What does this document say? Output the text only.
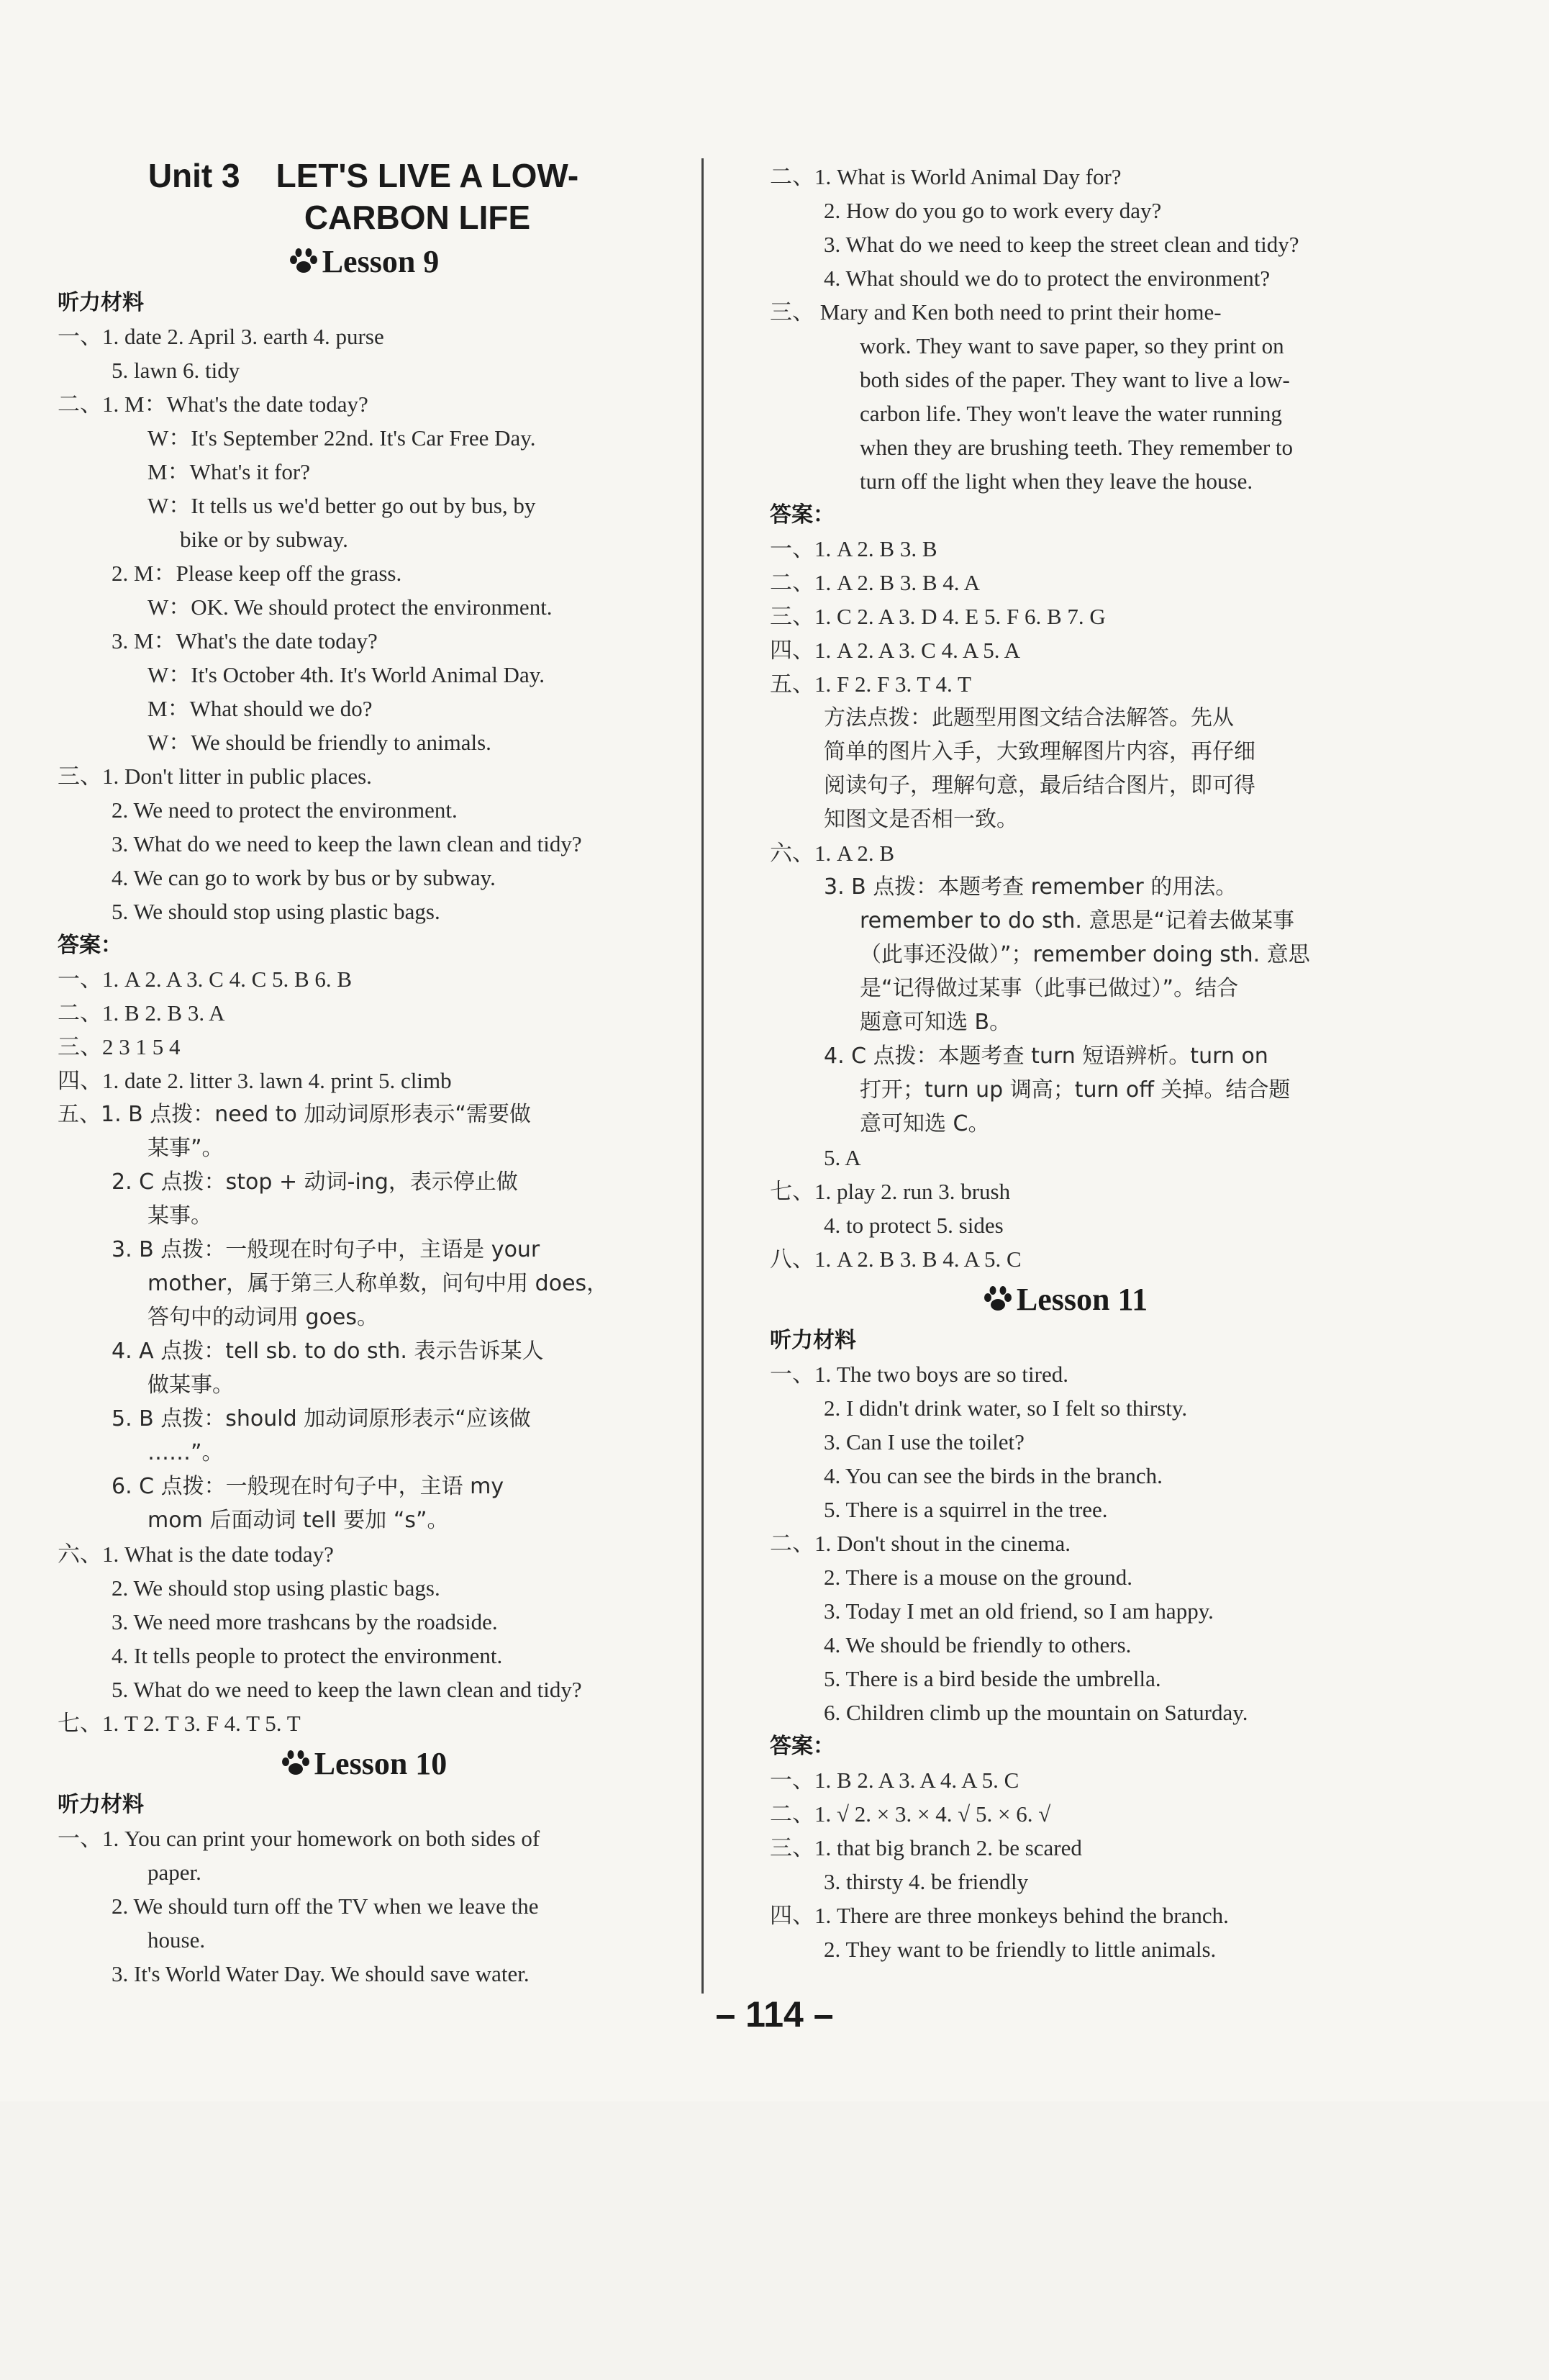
Unit 3 LET'S LIVE A LOW-
CARBON LIFE
Lesson 9
听力材料
一、1. date 2. April 3. earth 4. purse
5. lawn 6. tidy
二、1. M：What's the date today?
W：It's September 22nd. It's Car Free Day.
M：What's it for?
W：It tells us we'd better go out by bus, by
bike or by subway.
2. M：Please keep off the grass.
W：OK. We should protect the environment.
3. M：What's the date today?
W：It's October 4th. It's World Animal Day.
M：What should we do?
W：We should be friendly to animals.
三、1. Don't litter in public places.
2. We need to protect the environment.
3. What do we need to keep the lawn clean and tidy?
4. We can go to work by bus or by subway.
5. We should stop using plastic bags.
答案：
一、1. A 2. A 3. C 4. C 5. B 6. B
二、1. B 2. B 3. A
三、2 3 1 5 4
四、1. date 2. litter 3. lawn 4. print 5. climb
五、1. B 点拨：need to 加动词原形表示“需要做
某事”。
2. C 点拨：stop + 动词-ing，表示停止做
某事。
3. B 点拨：一般现在时句子中，主语是 your
mother，属于第三人称单数，问句中用 does，
答句中的动词用 goes。
4. A 点拨：tell sb. to do sth. 表示告诉某人
做某事。
5. B 点拨：should 加动词原形表示“应该做
……”。
6. C 点拨：一般现在时句子中，主语 my
mom 后面动词 tell 要加 “s”。
六、1. What is the date today?
2. We should stop using plastic bags.
3. We need more trashcans by the roadside.
4. It tells people to protect the environment.
5. What do we need to keep the lawn clean and tidy?
七、1. T 2. T 3. F 4. T 5. T
Lesson 10
听力材料
一、1. You can print your homework on both sides of
paper.
2. We should turn off the TV when we leave the
house.
3. It's World Water Day. We should save water.
二、1. What is World Animal Day for?
2. How do you go to work every day?
3. What do we need to keep the street clean and tidy?
4. What should we do to protect the environment?
三、 Mary and Ken both need to print their home-
work. They want to save paper, so they print on
both sides of the paper. They want to live a low-
carbon life. They won't leave the water running
when they are brushing teeth. They remember to
turn off the light when they leave the house.
答案：
一、1. A 2. B 3. B
二、1. A 2. B 3. B 4. A
三、1. C 2. A 3. D 4. E 5. F 6. B 7. G
四、1. A 2. A 3. C 4. A 5. A
五、1. F 2. F 3. T 4. T
方法点拨：此题型用图文结合法解答。先从
简单的图片入手，大致理解图片内容，再仔细
阅读句子，理解句意，最后结合图片，即可得
知图文是否相一致。
六、1. A 2. B
3. B 点拨：本题考查 remember 的用法。
remember to do sth. 意思是“记着去做某事
（此事还没做）”；remember doing sth. 意思
是“记得做过某事（此事已做过）”。结合
题意可知选 B。
4. C 点拨：本题考查 turn 短语辨析。turn on
打开；turn up 调高；turn off 关掉。结合题
意可知选 C。
5. A
七、1. play 2. run 3. brush
4. to protect 5. sides
八、1. A 2. B 3. B 4. A 5. C
Lesson 11
听力材料
一、1. The two boys are so tired.
2. I didn't drink water, so I felt so thirsty.
3. Can I use the toilet?
4. You can see the birds in the branch.
5. There is a squirrel in the tree.
二、1. Don't shout in the cinema.
2. There is a mouse on the ground.
3. Today I met an old friend, so I am happy.
4. We should be friendly to others.
5. There is a bird beside the umbrella.
6. Children climb up the mountain on Saturday.
答案：
一、1. B 2. A 3. A 4. A 5. C
二、1. √ 2. × 3. × 4. √ 5. × 6. √
三、1. that big branch 2. be scared
3. thirsty 4. be friendly
四、1. There are three monkeys behind the branch.
2. They want to be friendly to little animals.
– 114 –
